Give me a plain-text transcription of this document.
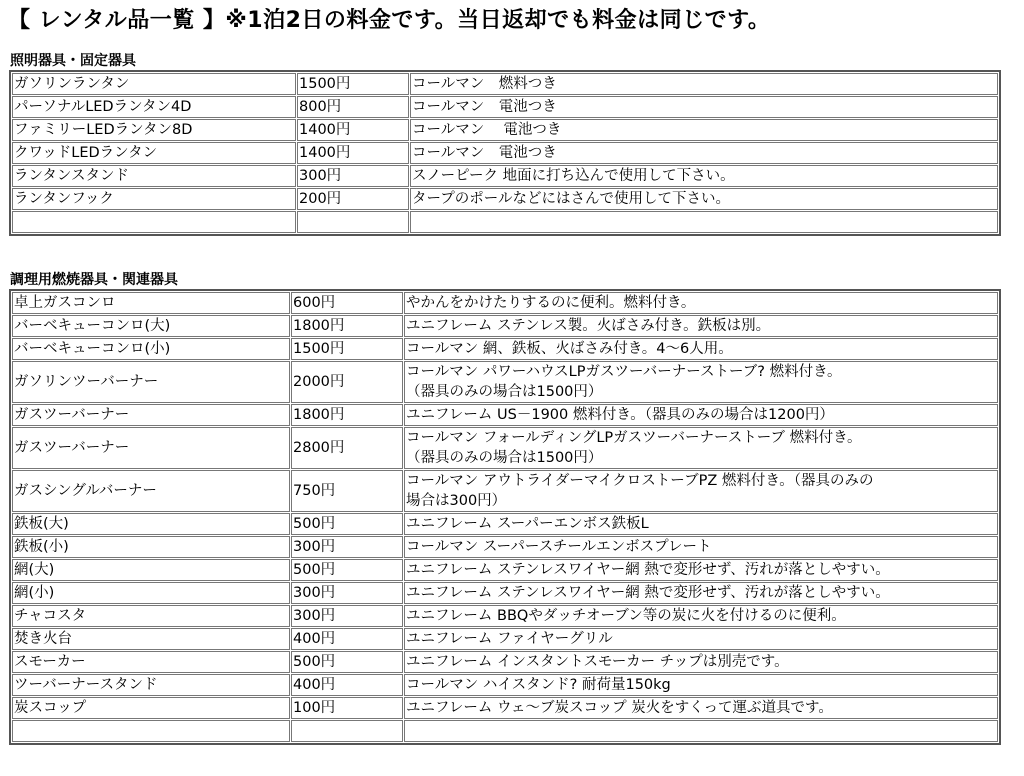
【 レンタル品一覧 】※1泊2日の料金です。当日返却でも料金は同じです。
照明器具・固定器具
ガソリンランタン	1500円	コールマン　燃料つき
パーソナルLEDランタン4D	800円	コールマン　電池つき
ファミリーLEDランタン8D	1400円	コールマン　 電池つき
クワッドLEDランタン	1400円	コールマン　電池つき
ランタンスタンド	300円	スノーピーク 地面に打ち込んで使用して下さい。
ランタンフック	200円	タープのポールなどにはさんで使用して下さい。

調理用燃焼器具・関連器具
卓上ガスコンロ	600円	やかんをかけたりするのに便利。燃料付き。
バーベキューコンロ(大)	1800円	ユニフレーム ステンレス製。火ばさみ付き。鉄板は別。
バーベキューコンロ(小)	1500円	コールマン 網、鉄板、火ばさみ付き。4～6人用。
ガソリンツーバーナー	2000円	コールマン パワーハウスLPガスツーバーナーストーブ? 燃料付き。
（器具のみの場合は1500円）
ガスツーバーナー	1800円	ユニフレーム US－1900 燃料付き。（器具のみの場合は1200円）
ガスツーバーナー	2800円	コールマン フォールディングLPガスツーバーナーストーブ 燃料付き。
（器具のみの場合は1500円）
ガスシングルバーナー	750円	コールマン アウトライダーマイクロストーブPZ 燃料付き。（器具のみの
場合は300円）
鉄板(大)	500円	ユニフレーム スーパーエンボス鉄板L
鉄板(小)	300円	コールマン スーパースチールエンボスプレート
網(大)	500円	ユニフレーム ステンレスワイヤー網 熱で変形せず、汚れが落としやすい。
網(小)	300円	ユニフレーム ステンレスワイヤー網 熱で変形せず、汚れが落としやすい。
チャコスタ	300円	ユニフレーム BBQやダッチオーブン等の炭に火を付けるのに便利。
焚き火台	400円	ユニフレーム ファイヤーグリル
スモーカー	500円	ユニフレーム インスタントスモーカー チップは別売です。
ツーバーナースタンド	400円	コールマン ハイスタンド? 耐荷量150kg
炭スコップ	100円	ユニフレーム ウェ～ブ炭スコップ 炭火をすくって運ぶ道具です。
